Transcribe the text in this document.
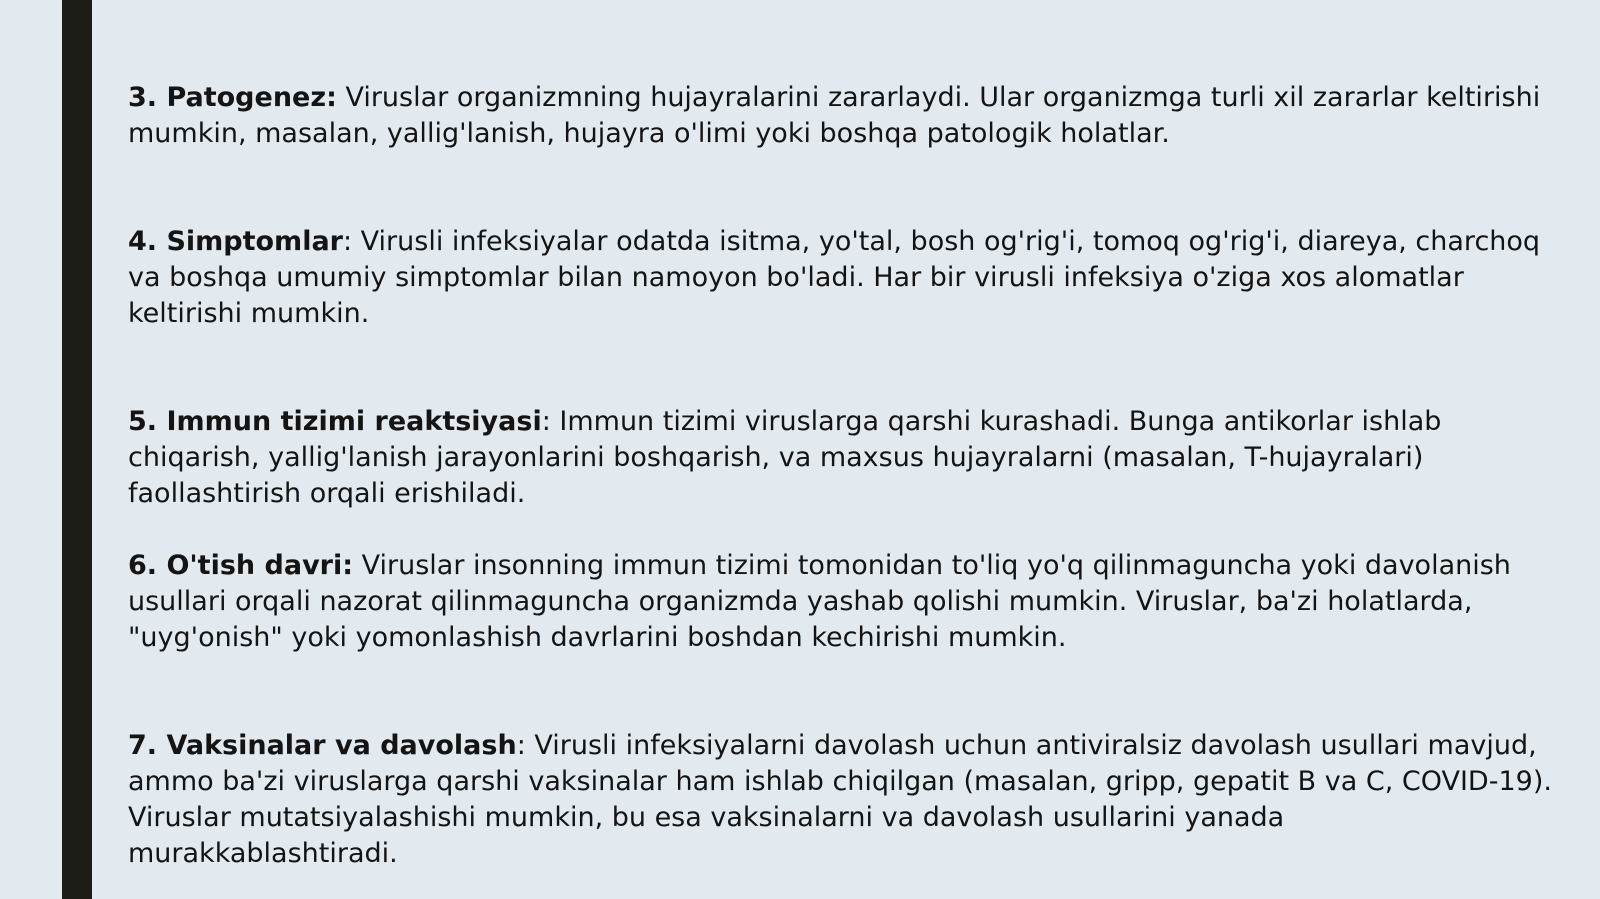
3. Patogenez: Viruslar organizmning hujayralarini zararlaydi. Ular organizmga turli xil zararlar keltirishi mumkin, masalan, yallig'lanish, hujayra o'limi yoki boshqa patologik holatlar.

4. Simptomlar: Virusli infeksiyalar odatda isitma, yo'tal, bosh og'rig'i, tomoq og'rig'i, diareya, charchoq va boshqa umumiy simptomlar bilan namoyon bo'ladi. Har bir virusli infeksiya o'ziga xos alomatlar keltirishi mumkin.

5. Immun tizimi reaktsiyasi: Immun tizimi viruslarga qarshi kurashadi. Bunga antikorlar ishlab chiqarish, yallig'lanish jarayonlarini boshqarish, va maxsus hujayralarni (masalan, T-hujayralari) faollashtirish orqali erishiladi.

6. O'tish davri: Viruslar insonning immun tizimi tomonidan to'liq yo'q qilinmaguncha yoki davolanish usullari orqali nazorat qilinmaguncha organizmda yashab qolishi mumkin. Viruslar, ba'zi holatlarda, "uyg'onish" yoki yomonlashish davrlarini boshdan kechirishi mumkin.

7. Vaksinalar va davolash: Virusli infeksiyalarni davolash uchun antiviralsiz davolash usullari mavjud, ammo ba'zi viruslarga qarshi vaksinalar ham ishlab chiqilgan (masalan, gripp, gepatit B va C, COVID-19). Viruslar mutatsiyalashishi mumkin, bu esa vaksinalarni va davolash usullarini yanada murakkablashtiradi.
